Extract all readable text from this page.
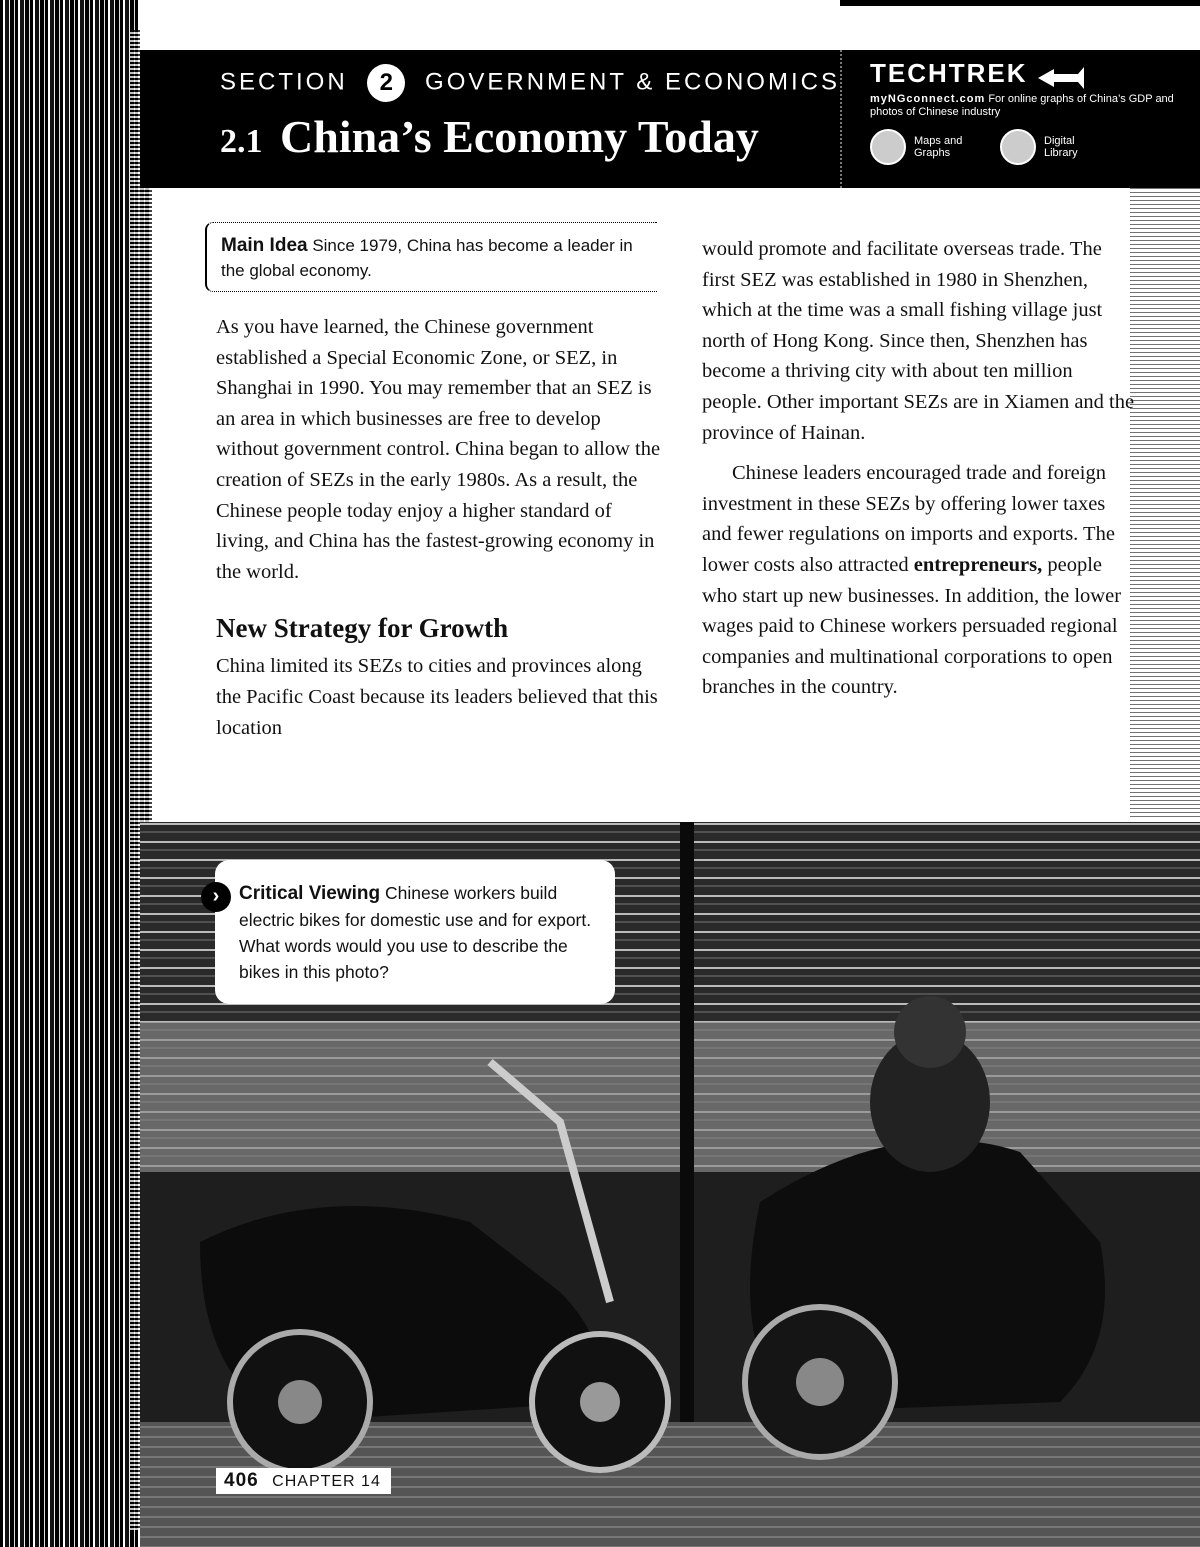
SECTION 2 GOVERNMENT & ECONOMICS
2.1 China’s Economy Today
TECHTREK
myNGconnect.com For online graphs of China’s GDP and photos of Chinese industry
Maps and Graphs
Digital Library
Main Idea Since 1979, China has become a leader in the global economy.

As you have learned, the Chinese government established a Special Economic Zone, or SEZ, in Shanghai in 1990. You may remember that an SEZ is an area in which businesses are free to develop without government control. China began to allow the creation of SEZs in the early 1980s. As a result, the Chinese people today enjoy a higher standard of living, and China has the fastest-growing economy in the world.

New Strategy for Growth

China limited its SEZs to cities and provinces along the Pacific Coast because its leaders believed that this location

would promote and facilitate overseas trade. The first SEZ was established in 1980 in Shenzhen, which at the time was a small fishing village just north of Hong Kong. Since then, Shenzhen has become a thriving city with about ten million people. Other important SEZs are in Xiamen and the province of Hainan.

Chinese leaders encouraged trade and foreign investment in these SEZs by offering lower taxes and fewer regulations on imports and exports. The lower costs also attracted entrepreneurs, people who start up new businesses. In addition, the lower wages paid to Chinese workers persuaded regional companies and multinational corporations to open branches in the country.

›	Critical Viewing Chinese workers build electric bikes for domestic use and for export. What words would you use to describe the bikes in this photo?
406 CHAPTER 14
